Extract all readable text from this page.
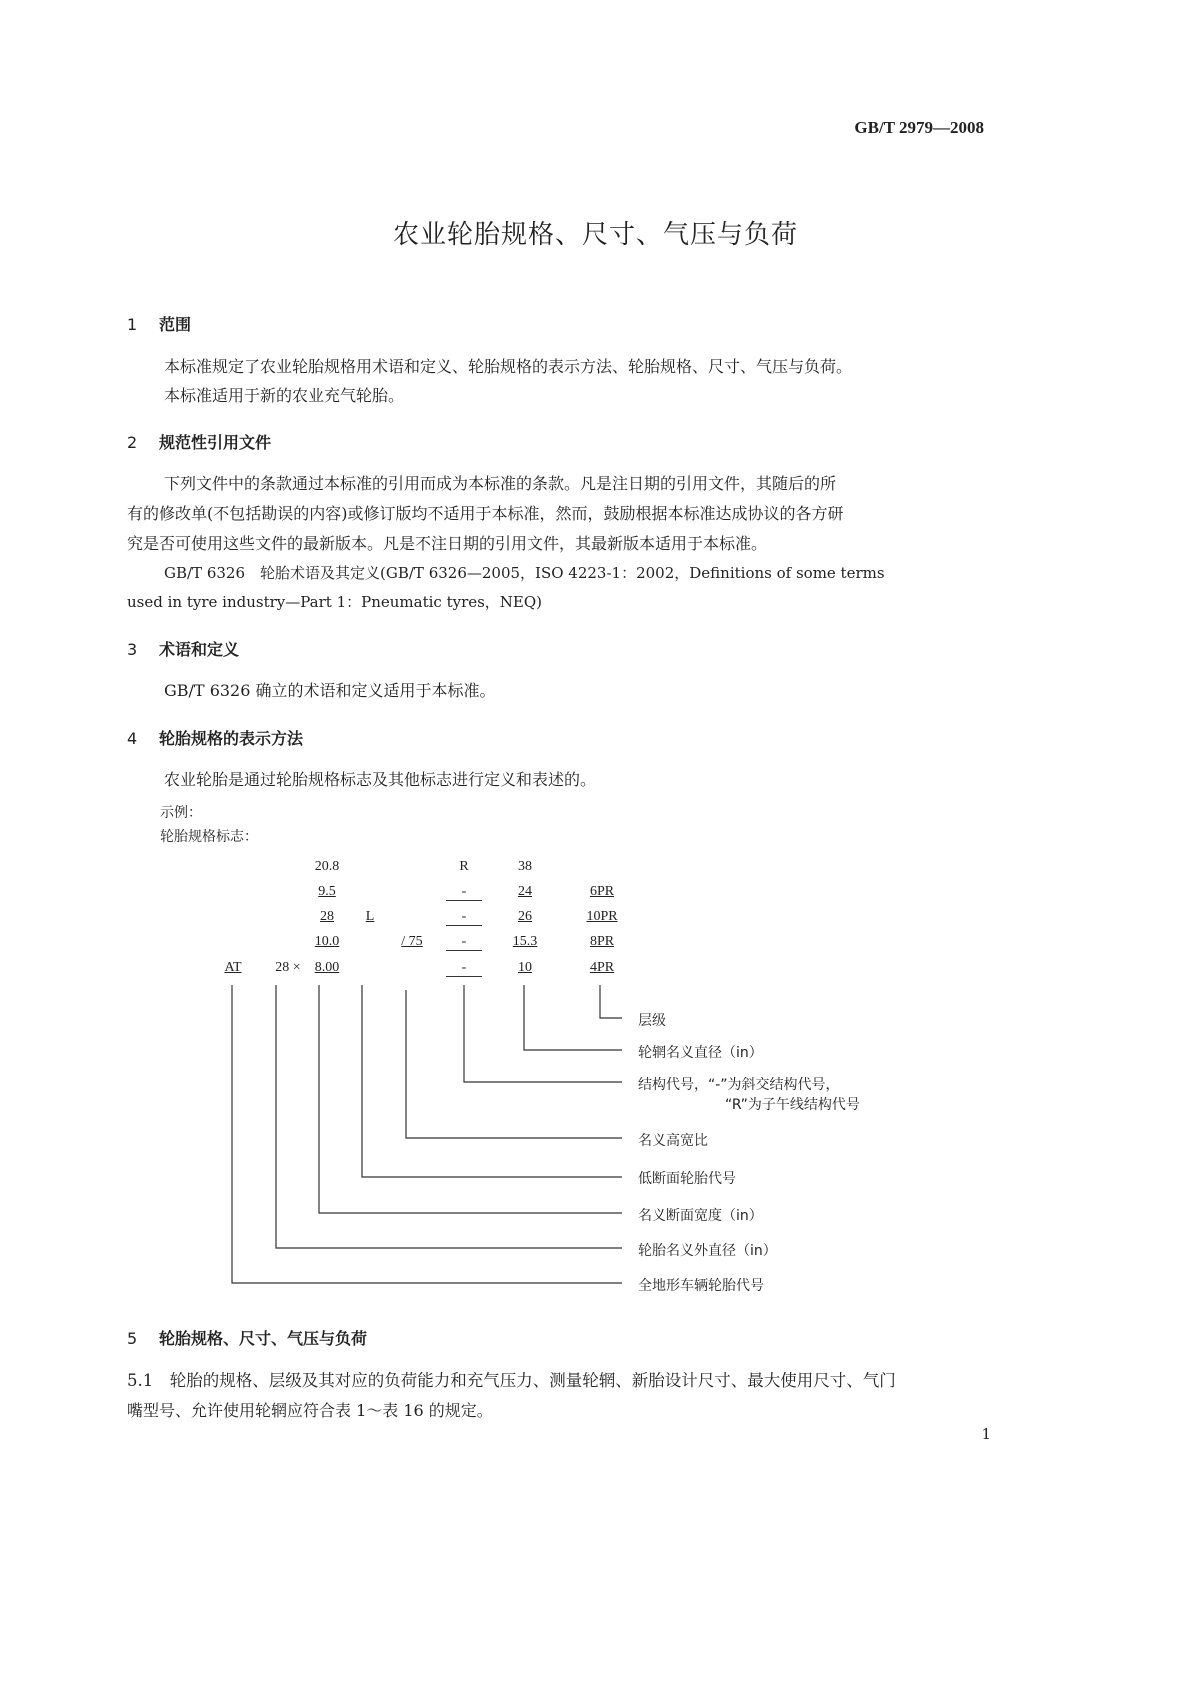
GB/T 2979—2008
农业轮胎规格、尺寸、气压与负荷
1 范围
本标准规定了农业轮胎规格用术语和定义、轮胎规格的表示方法、轮胎规格、尺寸、气压与负荷。
本标准适用于新的农业充气轮胎。
2 规范性引用文件
下列文件中的条款通过本标准的引用而成为本标准的条款。凡是注日期的引用文件，其随后的所
有的修改单(不包括勘误的内容)或修订版均不适用于本标准，然而，鼓励根据本标准达成协议的各方研
究是否可使用这些文件的最新版本。凡是不注日期的引用文件，其最新版本适用于本标准。
GB/T 6326　轮胎术语及其定义(GB/T 6326—2005，ISO 4223-1：2002，Definitions of some terms
used in tyre industry—Part 1：Pneumatic tyres，NEQ)
3 术语和定义
GB/T 6326 确立的术语和定义适用于本标准。
4 轮胎规格的表示方法
农业轮胎是通过轮胎规格标志及其他标志进行定义和表述的。
示例：
轮胎规格标志：
20.8	R	38
9.5	-	24	6PR
28	L	-	26	10PR
10.0	/ 75	-	15.3	8PR
AT	28 ×	8.00	-	10	4PR
层级
轮辋名义直径（in）
结构代号，“-”为斜交结构代号，
“R”为子午线结构代号
名义高宽比
低断面轮胎代号
名义断面宽度（in）
轮胎名义外直径（in）
全地形车辆轮胎代号
5 轮胎规格、尺寸、气压与负荷
5.1　轮胎的规格、层级及其对应的负荷能力和充气压力、测量轮辋、新胎设计尺寸、最大使用尺寸、气门
嘴型号、允许使用轮辋应符合表 1～表 16 的规定。
1
